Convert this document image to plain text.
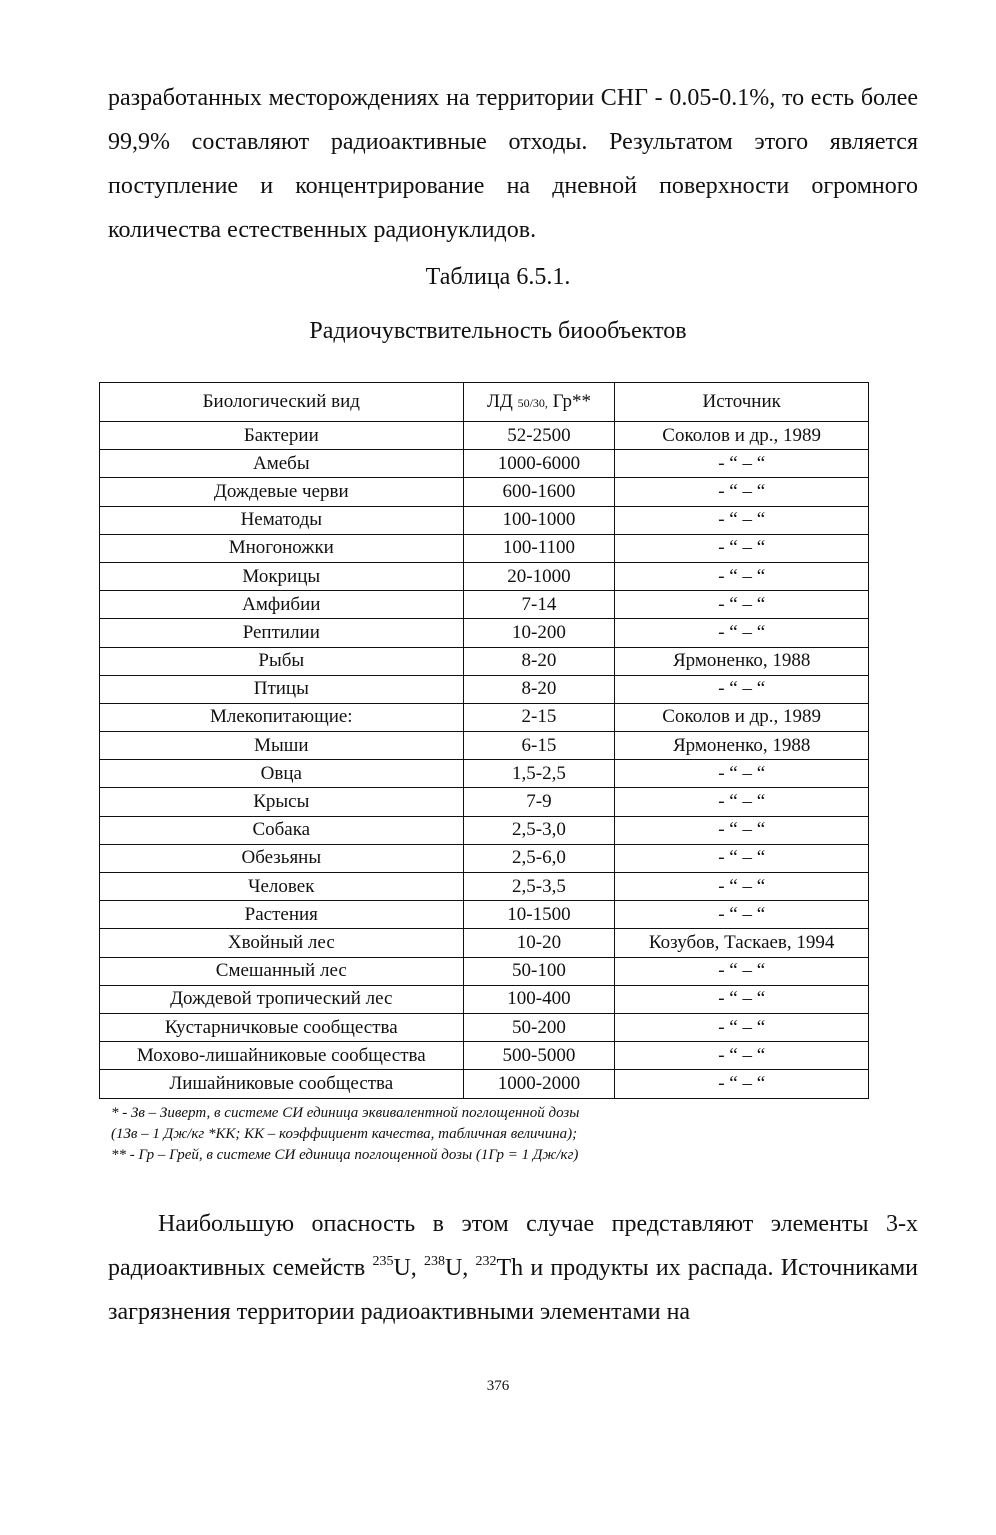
разработанных месторождениях на территории СНГ - 0.05-0.1%, то есть более 99,9% составляют радиоактивные отходы. Результатом этого является поступление и концентрирование на дневной поверхности огромного количества естественных радионуклидов.

Таблица 6.5.1.

Радиочувствительность биообъектов

Биологический вид	ЛД 50/30, Гр**	Источник
Бактерии	52-2500	Соколов и др., 1989
Амебы	1000-6000	- “ – “
Дождевые черви	600-1600	- “ – “
Нематоды	100-1000	- “ – “
Многоножки	100-1100	- “ – “
Мокрицы	20-1000	- “ – “
Амфибии	7-14	- “ – “
Рептилии	10-200	- “ – “
Рыбы	8-20	Ярмоненко, 1988
Птицы	8-20	- “ – “
Млекопитающие:	2-15	Соколов и др., 1989
Мыши	6-15	Ярмоненко, 1988
Овца	1,5-2,5	- “ – “
Крысы	7-9	- “ – “
Собака	2,5-3,0	- “ – “
Обезьяны	2,5-6,0	- “ – “
Человек	2,5-3,5	- “ – “
Растения	10-1500	- “ – “
Хвойный лес	10-20	Козубов, Таскаев, 1994
Смешанный лес	50-100	- “ – “
Дождевой тропический лес	100-400	- “ – “
Кустарничковые сообщества	50-200	- “ – “
Мохово-лишайниковые сообщества	500-5000	- “ – “
Лишайниковые сообщества	1000-2000	- “ – “
* - Зв – Зиверт, в системе СИ единица эквивалентной поглощенной дозы
(1Зв – 1 Дж/кг *КК; КК – коэффициент качества, табличная величина);
** - Гр – Грей, в системе СИ единица поглощенной дозы (1Гр = 1 Дж/кг)

Наибольшую опасность в этом случае представляют элементы 3-х радиоактивных семейств $^{235}$U, $^{238}$U, $^{232}$Th и продукты их распада. Источниками загрязнения территории радиоактивными элементами на

376
